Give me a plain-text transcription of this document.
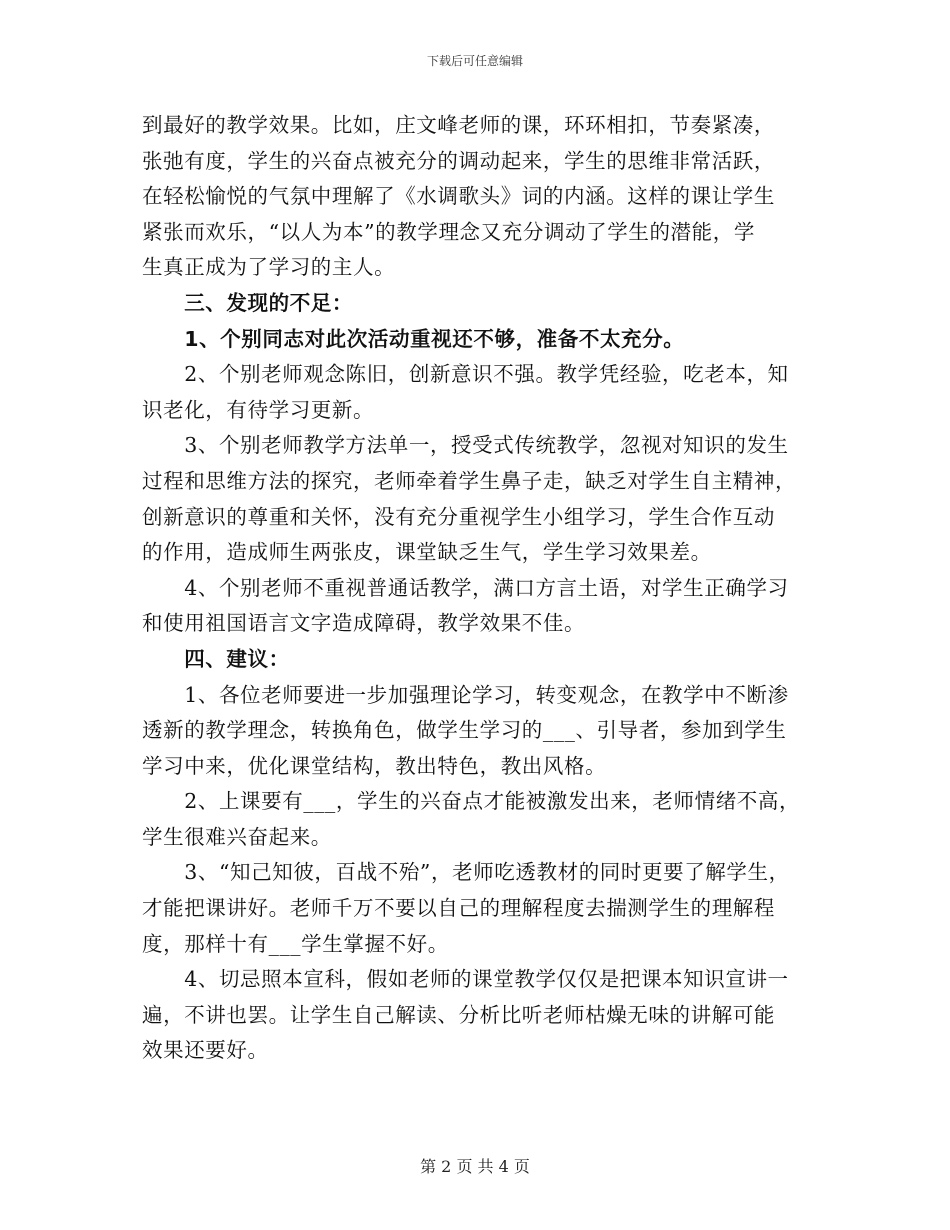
下载后可任意编辑

到最好的教学效果。比如，庄文峰老师的课，环环相扣，节奏紧凑，
张弛有度，学生的兴奋点被充分的调动起来，学生的思维非常活跃，
在轻松愉悦的气氛中理解了《水调歌头》词的内涵。这样的课让学生
紧张而欢乐，“以人为本”的教学理念又充分调动了学生的潜能，学
生真正成为了学习的主人。

　　三、发现的不足：

　　1、个别同志对此次活动重视还不够，准备不太充分。

　　2、个别老师观念陈旧，创新意识不强。教学凭经验，吃老本，知
识老化，有待学习更新。

　　3、个别老师教学方法单一，授受式传统教学，忽视对知识的发生
过程和思维方法的探究，老师牵着学生鼻子走，缺乏对学生自主精神，
创新意识的尊重和关怀，没有充分重视学生小组学习，学生合作互动
的作用，造成师生两张皮，课堂缺乏生气，学生学习效果差。

　　4、个别老师不重视普通话教学，满口方言土语，对学生正确学习
和使用祖国语言文字造成障碍，教学效果不佳。

　　四、建议：

　　1、各位老师要进一步加强理论学习，转变观念，在教学中不断渗
透新的教学理念，转换角色，做学生学习的___、引导者，参加到学生
学习中来，优化课堂结构，教出特色，教出风格。

　　2、上课要有___，学生的兴奋点才能被激发出来，老师情绪不高，
学生很难兴奋起来。

　　3、“知己知彼，百战不殆”，老师吃透教材的同时更要了解学生，
才能把课讲好。老师千万不要以自己的理解程度去揣测学生的理解程
度，那样十有___学生掌握不好。

　　4、切忌照本宣科，假如老师的课堂教学仅仅是把课本知识宣讲一
遍，不讲也罢。让学生自己解读、分析比听老师枯燥无味的讲解可能
效果还要好。

第 2 页 共 4 页
